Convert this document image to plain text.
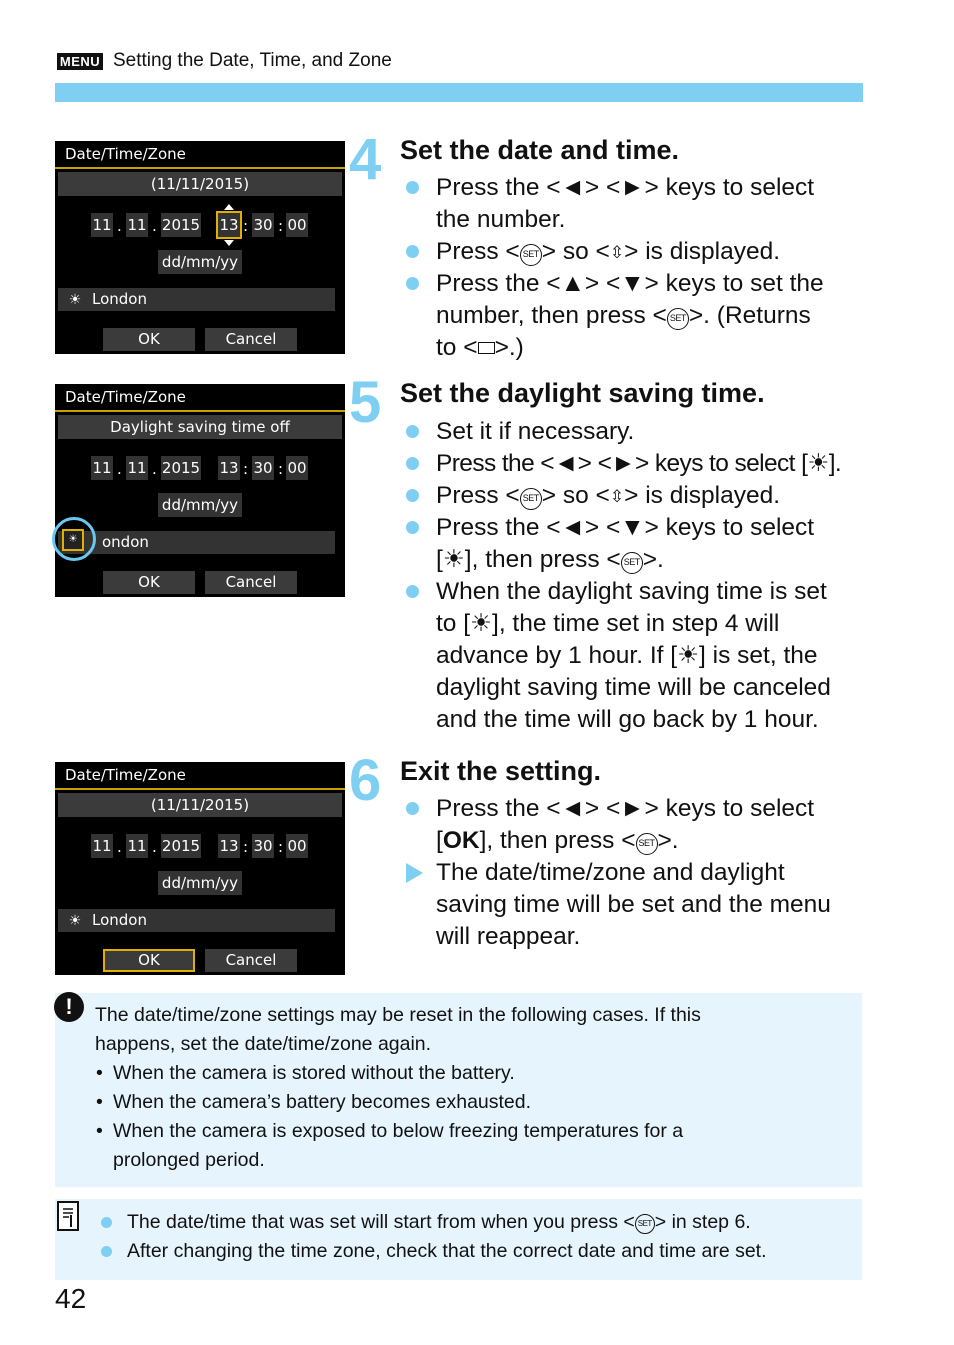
MENU Setting the Date, Time, and Zone
Date/Time/Zone
(11/11/2015)
11 . 11 . 2015 13 : 30 : 00
dd/mm/yy
☀ London
OK	Cancel
Date/Time/Zone
Daylight saving time off
11 . 11 . 2015 13 : 30 : 00
dd/mm/yy
ondon
☀
OK	Cancel
Date/Time/Zone
(11/11/2015)
11 . 11 . 2015 13 : 30 : 00
dd/mm/yy
☀ London
OK	Cancel
4 Set the date and time.
Press the <◄> <►> keys to select
the number.
Press < SET > so <⇳> is displayed.
Press the <▲> <▼> keys to set the
number, then press < SET >. (Returns
to < >.)
5 Set the daylight saving time.
Set it if necessary.
Press the <◄> <►> keys to select [☀].
Press < SET > so <⇳> is displayed.
Press the <◄> <▼> keys to select
[☀], then press < SET >.
When the daylight saving time is set
to [☀], the time set in step 4 will
advance by 1 hour. If [☀] is set, the
daylight saving time will be canceled
and the time will go back by 1 hour.
6 Exit the setting.
Press the <◄> <►> keys to select
[OK], then press < SET >.
The date/time/zone and daylight
saving time will be set and the menu
will reappear.
!	The date/time/zone settings may be reset in the following cases. If this
happens, set the date/time/zone again.
• When the camera is stored without the battery.
• When the camera’s battery becomes exhausted.
• When the camera is exposed to below freezing temperatures for a
prolonged period.
The date/time that was set will start from when you press < SET > in step 6.
After changing the time zone, check that the correct date and time are set.
42
